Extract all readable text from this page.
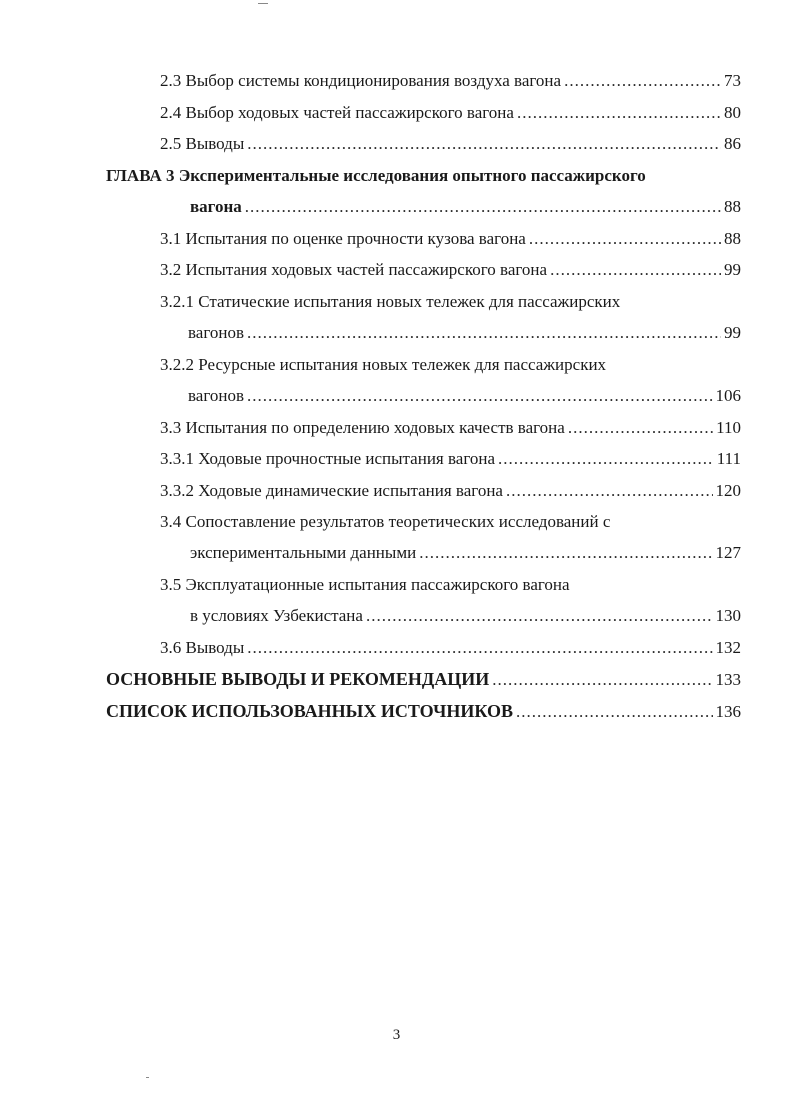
2.3 Выбор системы кондиционирования воздуха вагона .....	73
2.4 Выбор ходовых частей пассажирского вагона .....	80
2.5 Выводы .....	86
ГЛАВА 3 Экспериментальные исследования опытного пассажирского
вагона .....	88
3.1 Испытания по оценке прочности кузова вагона .....	88
3.2 Испытания ходовых частей пассажирского вагона .....	99
3.2.1 Статические испытания новых тележек для пассажирских
вагонов .....	99
3.2.2 Ресурсные испытания новых тележек для пассажирских
вагонов .....	106
3.3 Испытания по определению ходовых качеств вагона .....	110
3.3.1 Ходовые прочностные испытания вагона .....	111
3.3.2 Ходовые динамические испытания вагона .....	120
3.4 Сопоставление результатов теоретических исследований с
экспериментальными данными .....	127
3.5 Эксплуатационные испытания пассажирского вагона
в условиях Узбекистана .....	130
3.6 Выводы .....	132
ОСНОВНЫЕ ВЫВОДЫ И РЕКОМЕНДАЦИИ .....	133
СПИСОК ИСПОЛЬЗОВАННЫХ ИСТОЧНИКОВ .....	136
3
